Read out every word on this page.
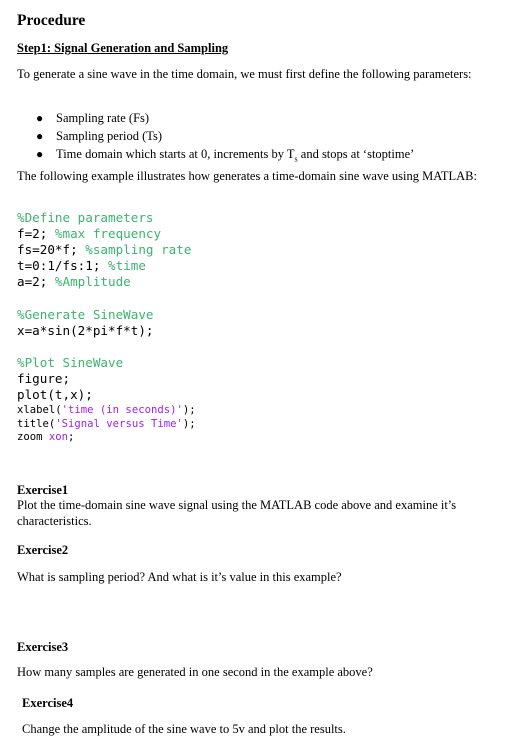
Procedure
Step1: Signal Generation and Sampling
To generate a sine wave in the time domain, we must first define the following parameters:
● Sampling rate (Fs)
● Sampling period (Ts)
● Time domain which starts at 0, increments by $T_s$ and stops at ‘stoptime’
The following example illustrates how generates a time-domain sine wave using MATLAB:
%Define parameters
f=2; %max frequency
fs=20*f; %sampling rate
t=0:1/fs:1; %time
a=2; %Amplitude
%Generate SineWave
x=a*sin(2*pi*f*t);
%Plot SineWave
figure;
plot(t,x);
xlabel('time (in seconds)');
title('Signal versus Time');
zoom xon;
Exercise1
Plot the time-domain sine wave signal using the MATLAB code above and examine it’s characteristics.
Exercise2
What is sampling period? And what is it’s value in this example?
Exercise3
How many samples are generated in one second in the example above?
Exercise4
Change the amplitude of the sine wave to 5v and plot the results.
